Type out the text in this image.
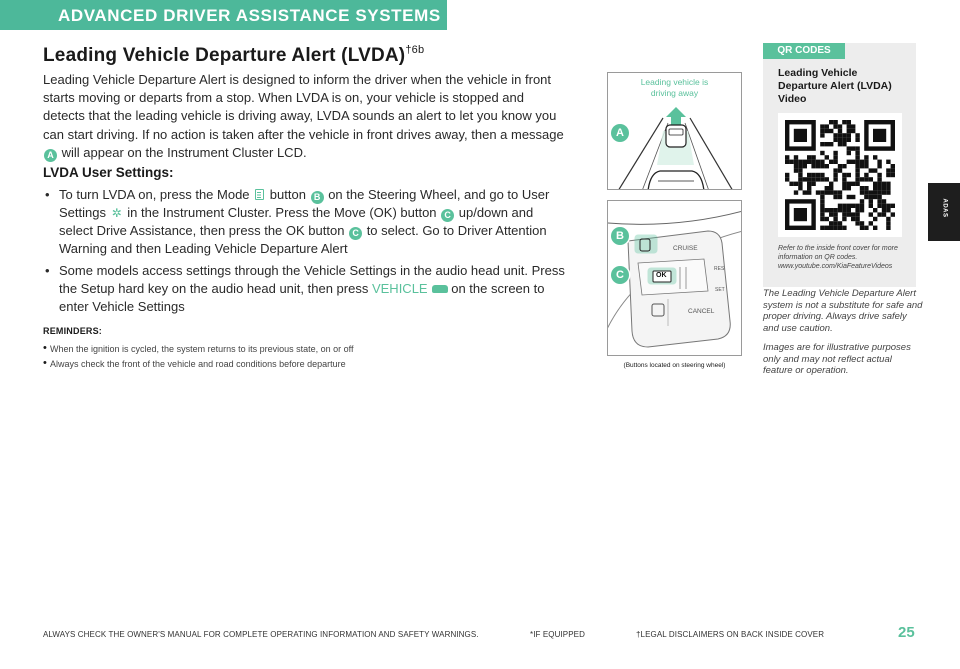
ADVANCED DRIVER ASSISTANCE SYSTEMS (ADAS)
ADAS
Leading Vehicle Departure Alert (LVDA)$^{\dagger 6b}$

Leading Vehicle Departure Alert is designed to inform the driver when the vehicle in front starts moving or departs from a stop. When LVDA is on, your vehicle is stopped and detects that the leading vehicle is driving away, LVDA sounds an alert to let you know you can start driving. If no action is taken after the vehicle in front drives away, then a message A will appear on the Instrument Cluster LCD.

LVDA User Settings:
• To turn LVDA on, press the Mode button B on the Steering Wheel, and go to User Settings ✲ in the Instrument Cluster. Press the Move (OK) button C up/down and select Drive Assistance, then press the OK button C to select. Go to Driver Attention Warning and then Leading Vehicle Departure Alert
• Some models access settings through the Vehicle Settings in the audio head unit. Press the Setup hard key on the audio head unit, then press VEHICLE on the screen to enter Vehicle Settings
REMINDERS:
• When the ignition is cycled, the system returns to its previous state, on or off
• Always check the front of the vehicle and road conditions before departure
Leading vehicle is driving away
A
CRUISE
OK
RES
SET
CANCEL
B
C
(Buttons located on steering wheel)
QR CODES
Leading Vehicle Departure Alert (LVDA) Video
Refer to the inside front cover for more information on QR codes. www.youtube.com/KiaFeatureVideos

The Leading Vehicle Departure Alert system is not a substitute for safe and proper driving. Always drive safely and use caution.

Images are for illustrative purposes only and may not reflect actual feature or operation.

ALWAYS CHECK THE OWNER'S MANUAL FOR COMPLETE OPERATING INFORMATION AND SAFETY WARNINGS.	*IF EQUIPPED	†LEGAL DISCLAIMERS ON BACK INSIDE COVER	25
